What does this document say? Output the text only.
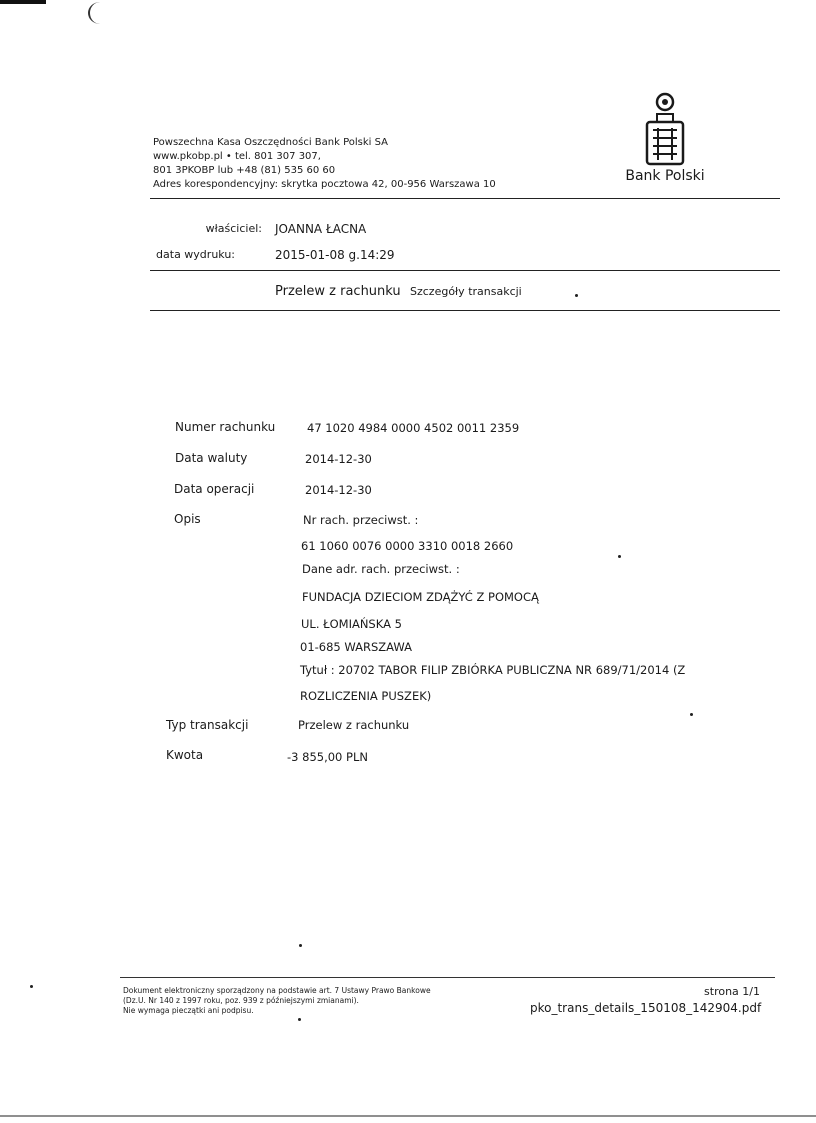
Powszechna Kasa Oszczędności Bank Polski SA
www.pkobp.pl • tel. 801 307 307,
801 3PKOBP lub +48 (81) 535 60 60
Adres korespondencyjny: skrytka pocztowa 42, 00-956 Warszawa 10
Bank Polski
właściciel: JOANNA ŁACNA
data wydruku:	2015-01-08 g.14:29
Przelew z rachunku Szczegóły transakcji
Numer rachunku	47 1020 4984 0000 4502 0011 2359
Data waluty	2014-12-30
Data operacji	2014-12-30
Opis	Nr rach. przeciwst. :
61 1060 0076 0000 3310 0018 2660
Dane adr. rach. przeciwst. :
FUNDACJA DZIECIOM ZDĄŻYĆ Z POMOCĄ
UL. ŁOMIAŃSKA 5
01-685 WARSZAWA
Tytuł : 20702 TABOR FILIP ZBIÓRKA PUBLICZNA NR 689/71/2014 (Z
ROZLICZENIA PUSZEK)
Typ transakcji	Przelew z rachunku
Kwota	-3 855,00 PLN
Dokument elektroniczny sporządzony na podstawie art. 7 Ustawy Prawo Bankowe
(Dz.U. Nr 140 z 1997 roku, poz. 939 z późniejszymi zmianami).
Nie wymaga pieczątki ani podpisu.
strona 1/1
pko_trans_details_150108_142904.pdf
